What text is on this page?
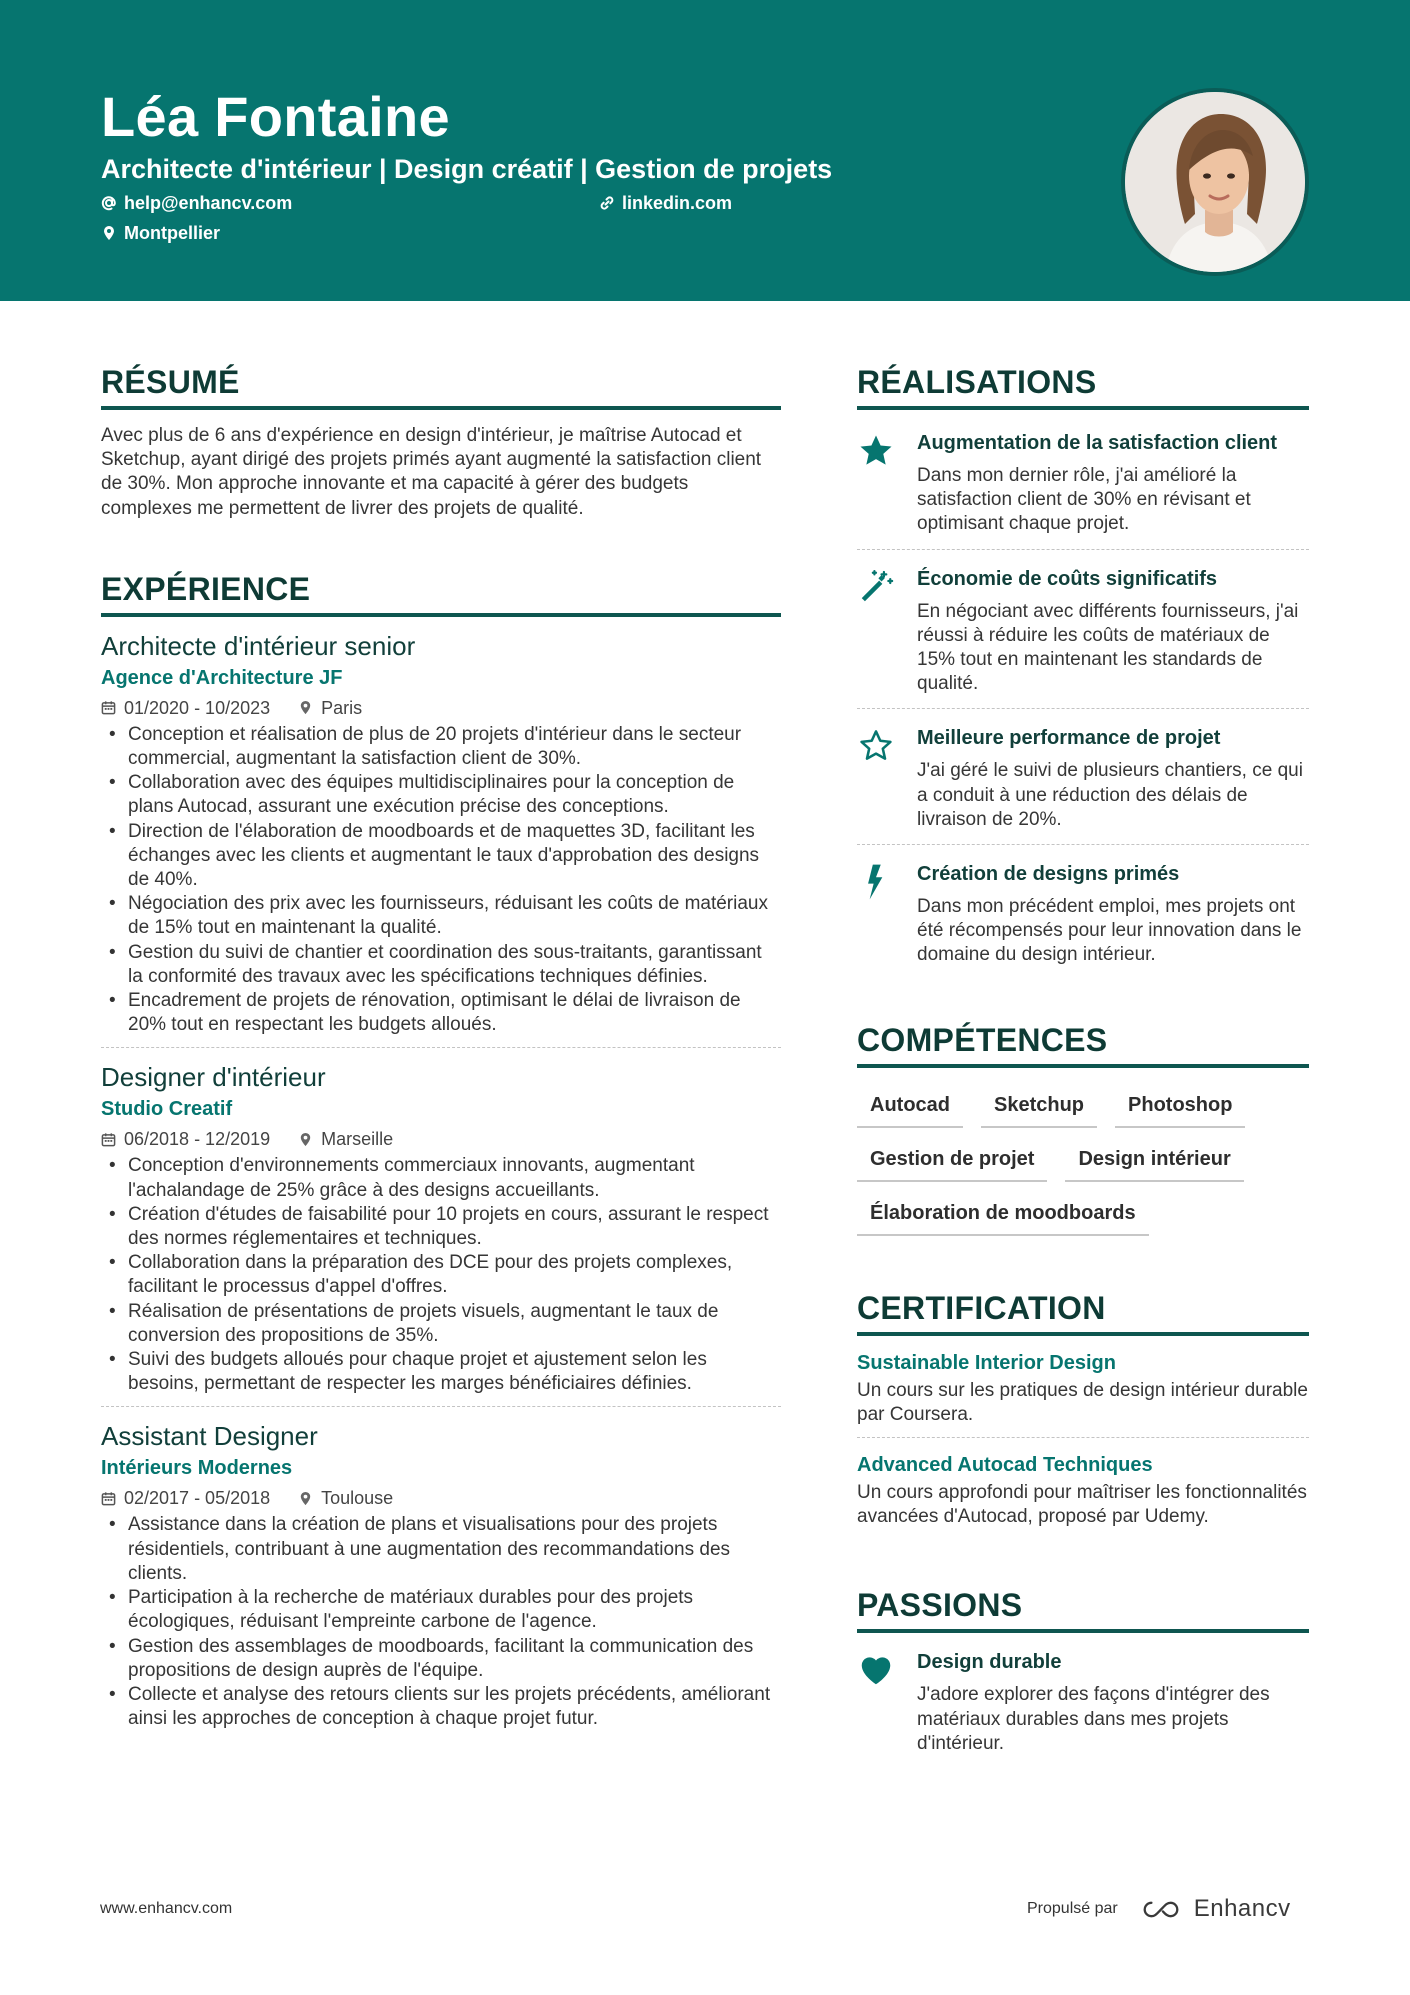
Léa Fontaine
Architecte d'intérieur | Design créatif | Gestion de projets
help@enhancv.com	linkedin.com
Montpellier
RÉSUMÉ
Avec plus de 6 ans d'expérience en design d'intérieur, je maîtrise Autocad et Sketchup, ayant dirigé des projets primés ayant augmenté la satisfaction client de 30%. Mon approche innovante et ma capacité à gérer des budgets complexes me permettent de livrer des projets de qualité.
EXPÉRIENCE
Architecte d'intérieur senior
Agence d'Architecture JF
01/2020 - 10/2023	Paris
• Conception et réalisation de plus de 20 projets d'intérieur dans le secteur commercial, augmentant la satisfaction client de 30%.
• Collaboration avec des équipes multidisciplinaires pour la conception de plans Autocad, assurant une exécution précise des conceptions.
• Direction de l'élaboration de moodboards et de maquettes 3D, facilitant les échanges avec les clients et augmentant le taux d'approbation des designs de 40%.
• Négociation des prix avec les fournisseurs, réduisant les coûts de matériaux de 15% tout en maintenant la qualité.
• Gestion du suivi de chantier et coordination des sous-traitants, garantissant la conformité des travaux avec les spécifications techniques définies.
• Encadrement de projets de rénovation, optimisant le délai de livraison de 20% tout en respectant les budgets alloués.
Designer d'intérieur
Studio Creatif
06/2018 - 12/2019	Marseille
• Conception d'environnements commerciaux innovants, augmentant l'achalandage de 25% grâce à des designs accueillants.
• Création d'études de faisabilité pour 10 projets en cours, assurant le respect des normes réglementaires et techniques.
• Collaboration dans la préparation des DCE pour des projets complexes, facilitant le processus d'appel d'offres.
• Réalisation de présentations de projets visuels, augmentant le taux de conversion des propositions de 35%.
• Suivi des budgets alloués pour chaque projet et ajustement selon les besoins, permettant de respecter les marges bénéficiaires définies.
Assistant Designer
Intérieurs Modernes
02/2017 - 05/2018	Toulouse
• Assistance dans la création de plans et visualisations pour des projets résidentiels, contribuant à une augmentation des recommandations des clients.
• Participation à la recherche de matériaux durables pour des projets écologiques, réduisant l'empreinte carbone de l'agence.
• Gestion des assemblages de moodboards, facilitant la communication des propositions de design auprès de l'équipe.
• Collecte et analyse des retours clients sur les projets précédents, améliorant ainsi les approches de conception à chaque projet futur.
RÉALISATIONS
Augmentation de la satisfaction client
Dans mon dernier rôle, j'ai amélioré la satisfaction client de 30% en révisant et optimisant chaque projet.
Économie de coûts significatifs
En négociant avec différents fournisseurs, j'ai réussi à réduire les coûts de matériaux de 15% tout en maintenant les standards de qualité.
Meilleure performance de projet
J'ai géré le suivi de plusieurs chantiers, ce qui a conduit à une réduction des délais de livraison de 20%.
Création de designs primés
Dans mon précédent emploi, mes projets ont été récompensés pour leur innovation dans le domaine du design intérieur.
COMPÉTENCES
Autocad	Sketchup	Photoshop
Gestion de projet	Design intérieur
Élaboration de moodboards
CERTIFICATION
Sustainable Interior Design
Un cours sur les pratiques de design intérieur durable par Coursera.
Advanced Autocad Techniques
Un cours approfondi pour maîtriser les fonctionnalités avancées d'Autocad, proposé par Udemy.
PASSIONS
Design durable
J'adore explorer des façons d'intégrer des matériaux durables dans mes projets d'intérieur.
www.enhancv.com	Propulsé par	Enhancv
